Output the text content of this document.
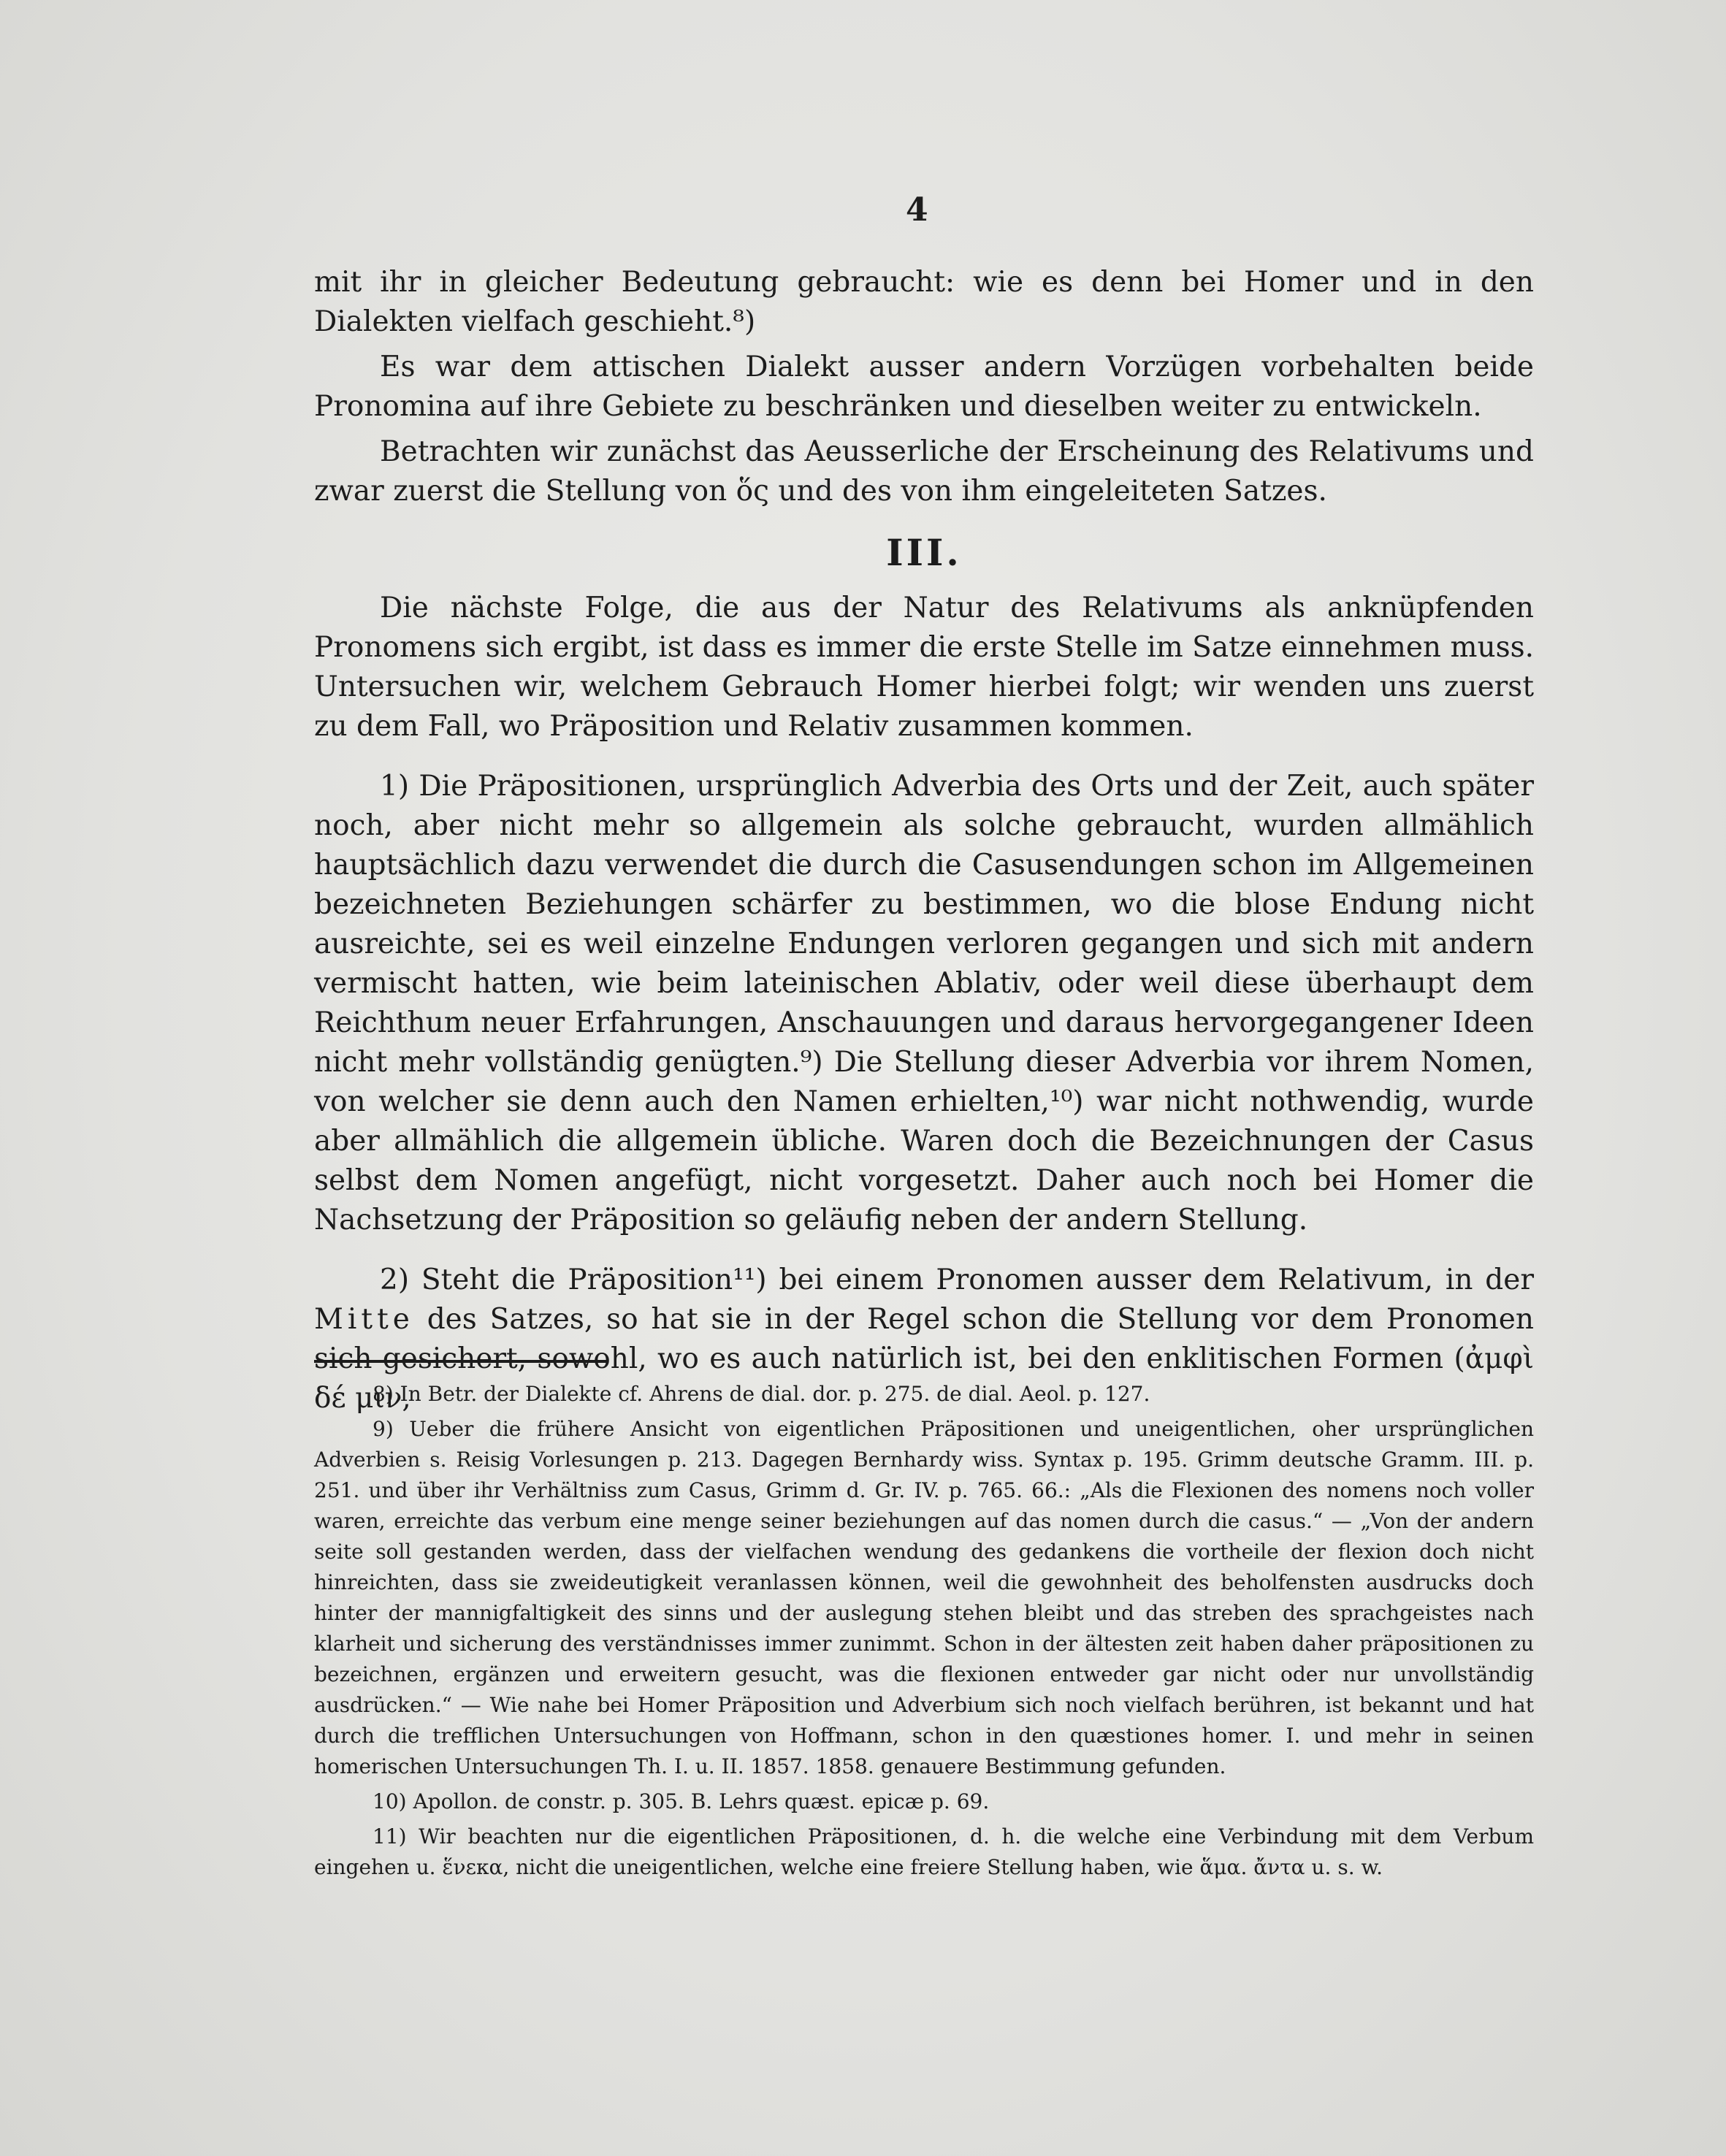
4

mit ihr in gleicher Bedeutung gebraucht: wie es denn bei Homer und in den Dialekten vielfach geschieht.⁸)

Es war dem attischen Dialekt ausser andern Vorzügen vorbehalten beide Pronomina auf ihre Gebiete zu beschränken und dieselben weiter zu entwickeln.

Betrachten wir zunächst das Aeusserliche der Erscheinung des Relativums und zwar zuerst die Stellung von ὅς und des von ihm eingeleiteten Satzes.

III.

Die nächste Folge, die aus der Natur des Relativums als anknüpfenden Pronomens sich ergibt, ist dass es immer die erste Stelle im Satze einnehmen muss. Untersuchen wir, welchem Gebrauch Homer hierbei folgt; wir wenden uns zuerst zu dem Fall, wo Präposition und Relativ zusammen kommen.

1) Die Präpositionen, ursprünglich Adverbia des Orts und der Zeit, auch später noch, aber nicht mehr so allgemein als solche gebraucht, wurden allmählich hauptsächlich dazu verwendet die durch die Casusendungen schon im Allgemeinen bezeichneten Beziehungen schärfer zu bestimmen, wo die blose Endung nicht ausreichte, sei es weil einzelne Endungen verloren gegangen und sich mit andern vermischt hatten, wie beim lateinischen Ablativ, oder weil diese überhaupt dem Reichthum neuer Erfahrungen, Anschauungen und daraus hervorgegangener Ideen nicht mehr vollständig genügten.⁹) Die Stellung dieser Adverbia vor ihrem Nomen, von welcher sie denn auch den Namen erhielten,¹⁰) war nicht nothwendig, wurde aber allmählich die allgemein übliche. Waren doch die Bezeichnungen der Casus selbst dem Nomen angefügt, nicht vorgesetzt. Daher auch noch bei Homer die Nachsetzung der Präposition so geläufig neben der andern Stellung.

2) Steht die Präposition¹¹) bei einem Pronomen ausser dem Relativum, in der Mitte des Satzes, so hat sie in der Regel schon die Stellung vor dem Pronomen sich gesichert, sowohl, wo es auch natürlich ist, bei den enklitischen Formen (ἀμφὶ δέ μιν,

8) In Betr. der Dialekte cf. Ahrens de dial. dor. p. 275. de dial. Aeol. p. 127.

9) Ueber die frühere Ansicht von eigentlichen Präpositionen und uneigentlichen, oher ursprünglichen Adverbien s. Reisig Vorlesungen p. 213. Dagegen Bernhardy wiss. Syntax p. 195. Grimm deutsche Gramm. III. p. 251. und über ihr Verhältniss zum Casus, Grimm d. Gr. IV. p. 765. 66.: „Als die Flexionen des nomens noch voller waren, erreichte das verbum eine menge seiner beziehungen auf das nomen durch die casus.“ — „Von der andern seite soll gestanden werden, dass der vielfachen wendung des gedankens die vortheile der flexion doch nicht hinreichten, dass sie zweideutigkeit veranlassen können, weil die gewohnheit des beholfensten ausdrucks doch hinter der mannigfaltigkeit des sinns und der auslegung stehen bleibt und das streben des sprachgeistes nach klarheit und sicherung des verständnisses immer zunimmt. Schon in der ältesten zeit haben daher präpositionen zu bezeichnen, ergänzen und erweitern gesucht, was die flexionen entweder gar nicht oder nur unvollständig ausdrücken.“ — Wie nahe bei Homer Präposition und Adverbium sich noch vielfach berühren, ist bekannt und hat durch die trefflichen Untersuchungen von Hoffmann, schon in den quæstiones homer. I. und mehr in seinen homerischen Untersuchungen Th. I. u. II. 1857. 1858. genauere Bestimmung gefunden.

10) Apollon. de constr. p. 305. B. Lehrs quæst. epicæ p. 69.

11) Wir beachten nur die eigentlichen Präpositionen, d. h. die welche eine Verbindung mit dem Verbum eingehen u. ἕνεκα, nicht die uneigentlichen, welche eine freiere Stellung haben, wie ἅμα. ἄντα u. s. w.
